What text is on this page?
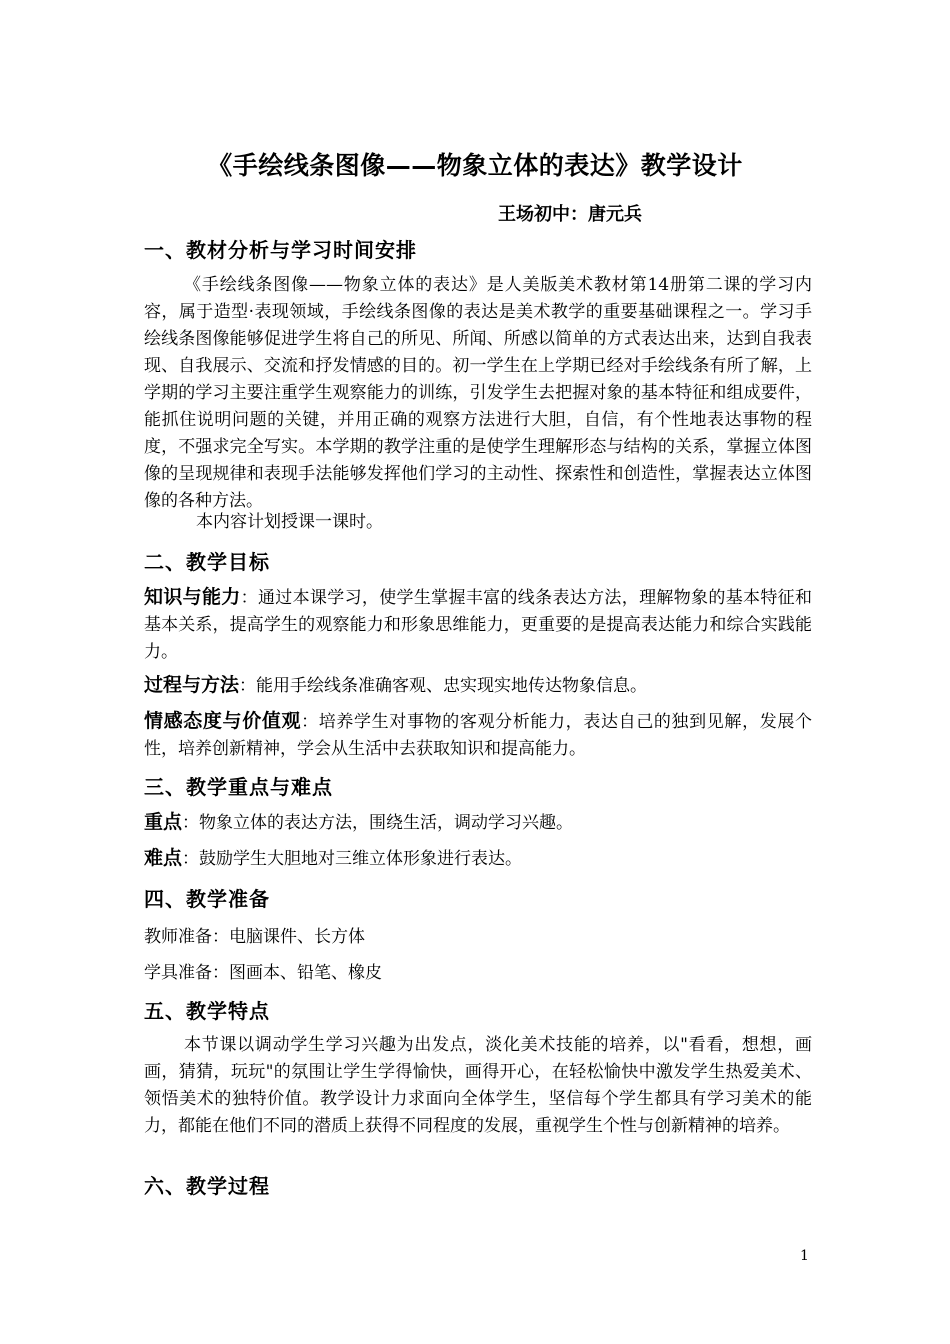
《手绘线条图像——物象立体的表达》教学设计

王场初中：唐元兵

一、教材分析与学习时间安排

《手绘线条图像——物象立体的表达》是人美版美术教材第14册第二课的学习内容，属于造型·表现领域，手绘线条图像的表达是美术教学的重要基础课程之一。学习手绘线条图像能够促进学生将自己的所见、所闻、所感以简单的方式表达出来，达到自我表现、自我展示、交流和抒发情感的目的。初一学生在上学期已经对手绘线条有所了解，上学期的学习主要注重学生观察能力的训练，引发学生去把握对象的基本特征和组成要件，能抓住说明问题的关键，并用正确的观察方法进行大胆，自信，有个性地表达事物的程度，不强求完全写实。本学期的教学注重的是使学生理解形态与结构的关系，掌握立体图像的呈现规律和表现手法能够发挥他们学习的主动性、探索性和创造性，掌握表达立体图像的各种方法。

本内容计划授课一课时。

二、教学目标

知识与能力：通过本课学习，使学生掌握丰富的线条表达方法，理解物象的基本特征和基本关系，提高学生的观察能力和形象思维能力，更重要的是提高表达能力和综合实践能力。

过程与方法：能用手绘线条准确客观、忠实现实地传达物象信息。

情感态度与价值观：培养学生对事物的客观分析能力，表达自己的独到见解，发展个性，培养创新精神，学会从生活中去获取知识和提高能力。

三、教学重点与难点

重点：物象立体的表达方法，围绕生活，调动学习兴趣。

难点：鼓励学生大胆地对三维立体形象进行表达。

四、教学准备

教师准备：电脑课件、长方体

学具准备：图画本、铅笔、橡皮

五、教学特点

本节课以调动学生学习兴趣为出发点，淡化美术技能的培养，以"看看，想想，画画，猜猜，玩玩"的氛围让学生学得愉快，画得开心，在轻松愉快中激发学生热爱美术、领悟美术的独特价值。教学设计力求面向全体学生，坚信每个学生都具有学习美术的能力，都能在他们不同的潜质上获得不同程度的发展，重视学生个性与创新精神的培养。

六、教学过程

1
